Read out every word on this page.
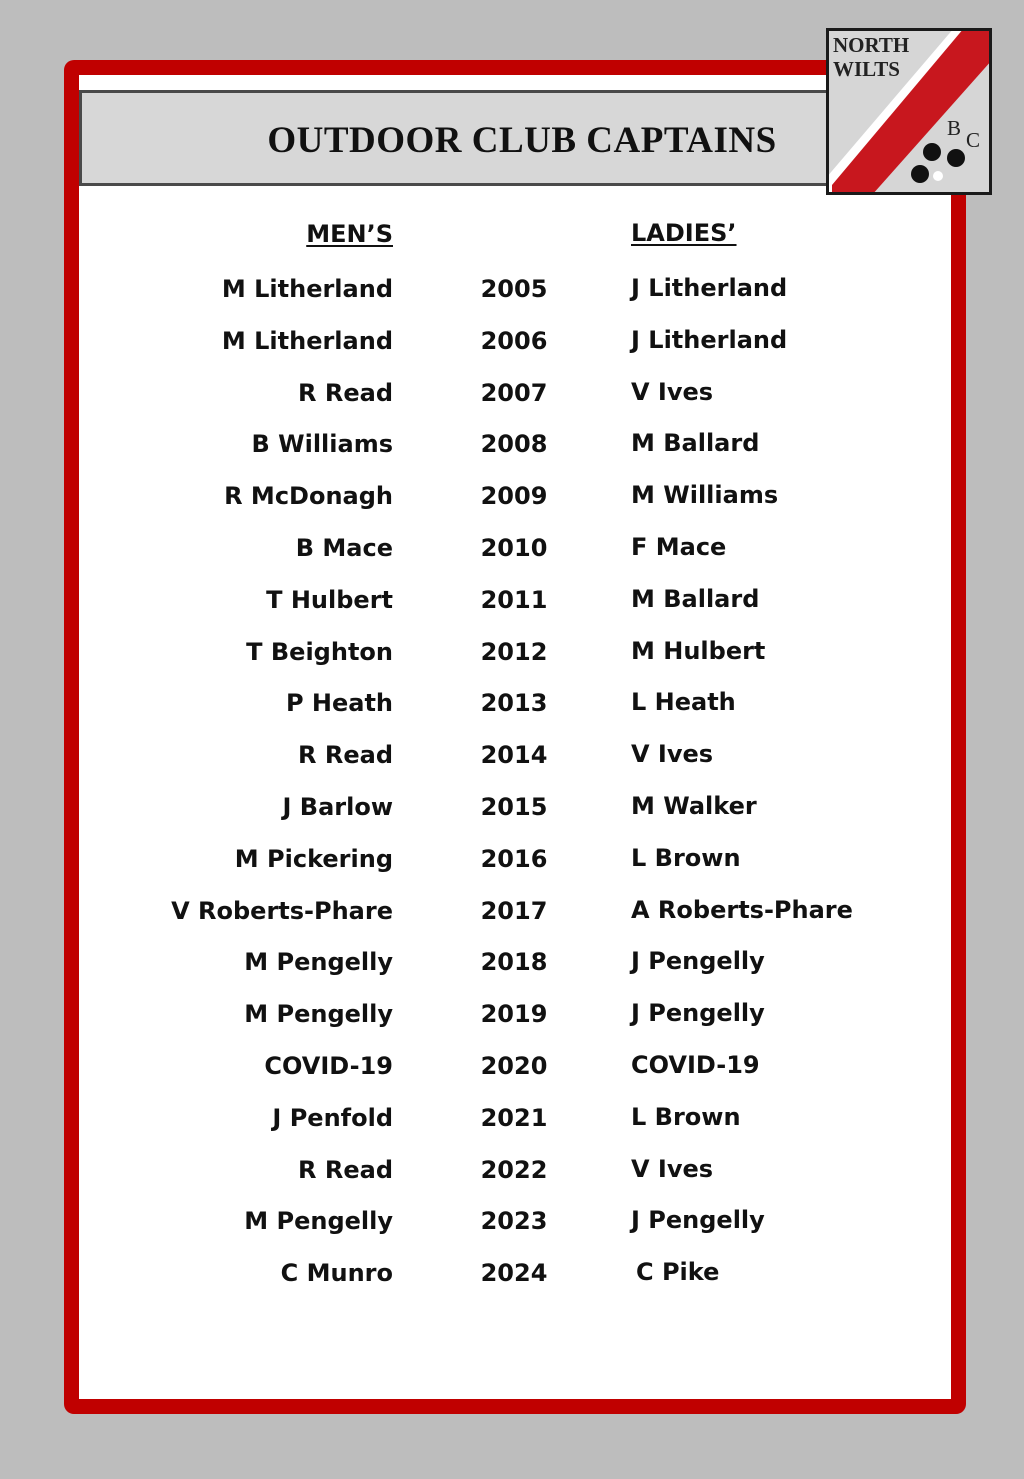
OUTDOOR CLUB CAPTAINS
NORTH
WILTS
B C
MEN’S	LADIES’
M Litherland	2005	J Litherland
M Litherland	2006	J Litherland
R Read	2007	V Ives
B Williams	2008	M Ballard
R McDonagh	2009	M Williams
B Mace	2010	F Mace
T Hulbert	2011	M Ballard
T Beighton	2012	M Hulbert
P Heath	2013	L Heath
R Read	2014	V Ives
J Barlow	2015	M Walker
M Pickering	2016	L Brown
V Roberts-Phare	2017	A Roberts-Phare
M Pengelly	2018	J Pengelly
M Pengelly	2019	J Pengelly
COVID-19	2020	COVID-19
J Penfold	2021	L Brown
R Read	2022	V Ives
M Pengelly	2023	J Pengelly
C Munro	2024	C Pike
